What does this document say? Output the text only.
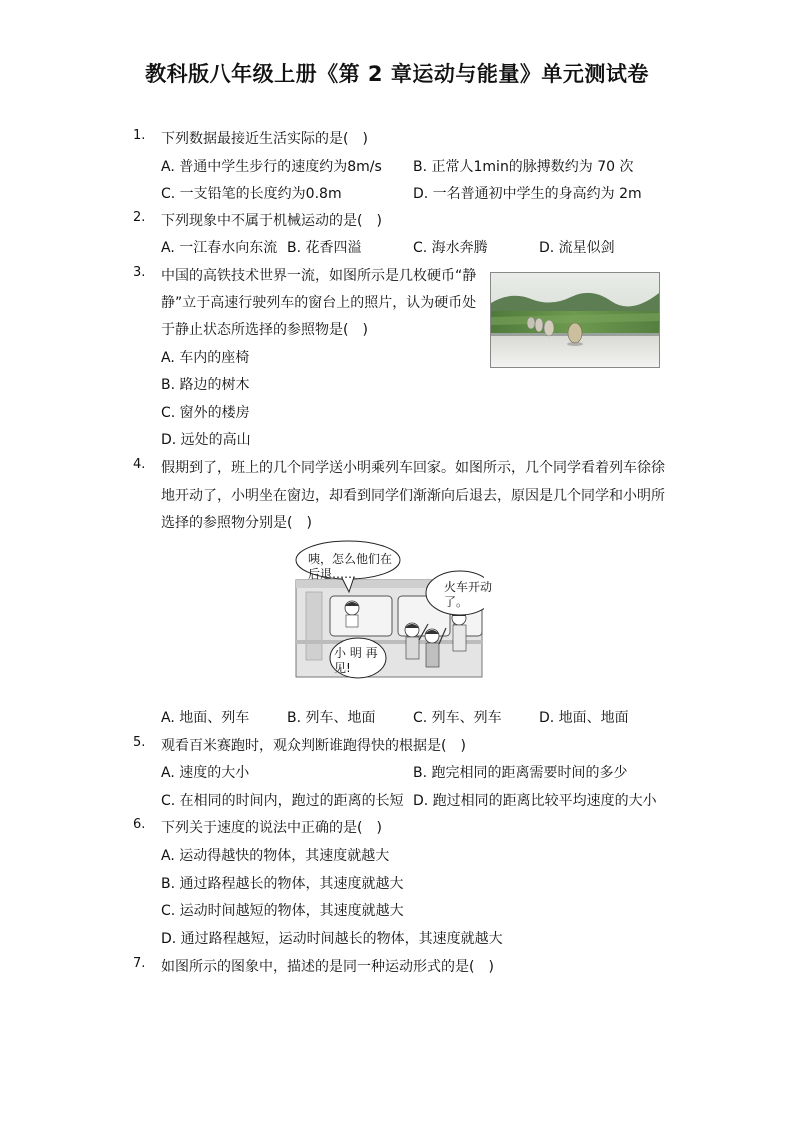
教科版八年级上册《第 2 章运动与能量》单元测试卷
1. 下列数据最接近生活实际的是(　)
A. 普通中学生步行的速度约为8m/s B. 正常人1min的脉搏数约为 70 次
C. 一支铅笔的长度约为0.8m	D. 一名普通初中学生的身高约为 2m
2. 下列现象中不属于机械运动的是(　)
A. 一江春水向东流 B. 花香四溢	C. 海水奔腾	D. 流星似剑
3. 中国的高铁技术世界一流，如图所示是几枚硬币“静
静”立于高速行驶列车的窗台上的照片，认为硬币处
于静止状态所选择的参照物是(　)
A. 车内的座椅
B. 路边的树木
C. 窗外的楼房
D. 远处的高山
4. 假期到了，班上的几个同学送小明乘列车回家。如图所示，几个同学看着列车徐徐
地开动了，小明坐在窗边，却看到同学们渐渐向后退去，原因是几个同学和小明所
选择的参照物分别是(　)
咦，怎么他们在
后退……
火车开动
了。
小 明 再
见!
A. 地面、列车	B. 列车、地面	C. 列车、列车	D. 地面、地面
5. 观看百米赛跑时，观众判断谁跑得快的根据是(　)
A. 速度的大小	B. 跑完相同的距离需要时间的多少
C. 在相同的时间内，跑过的距离的长短 D. 跑过相同的距离比较平均速度的大小
6. 下列关于速度的说法中正确的是(　)
A. 运动得越快的物体，其速度就越大
B. 通过路程越长的物体，其速度就越大
C. 运动时间越短的物体，其速度就越大
D. 通过路程越短，运动时间越长的物体，其速度就越大
7. 如图所示的图象中，描述的是同一种运动形式的是(　)
